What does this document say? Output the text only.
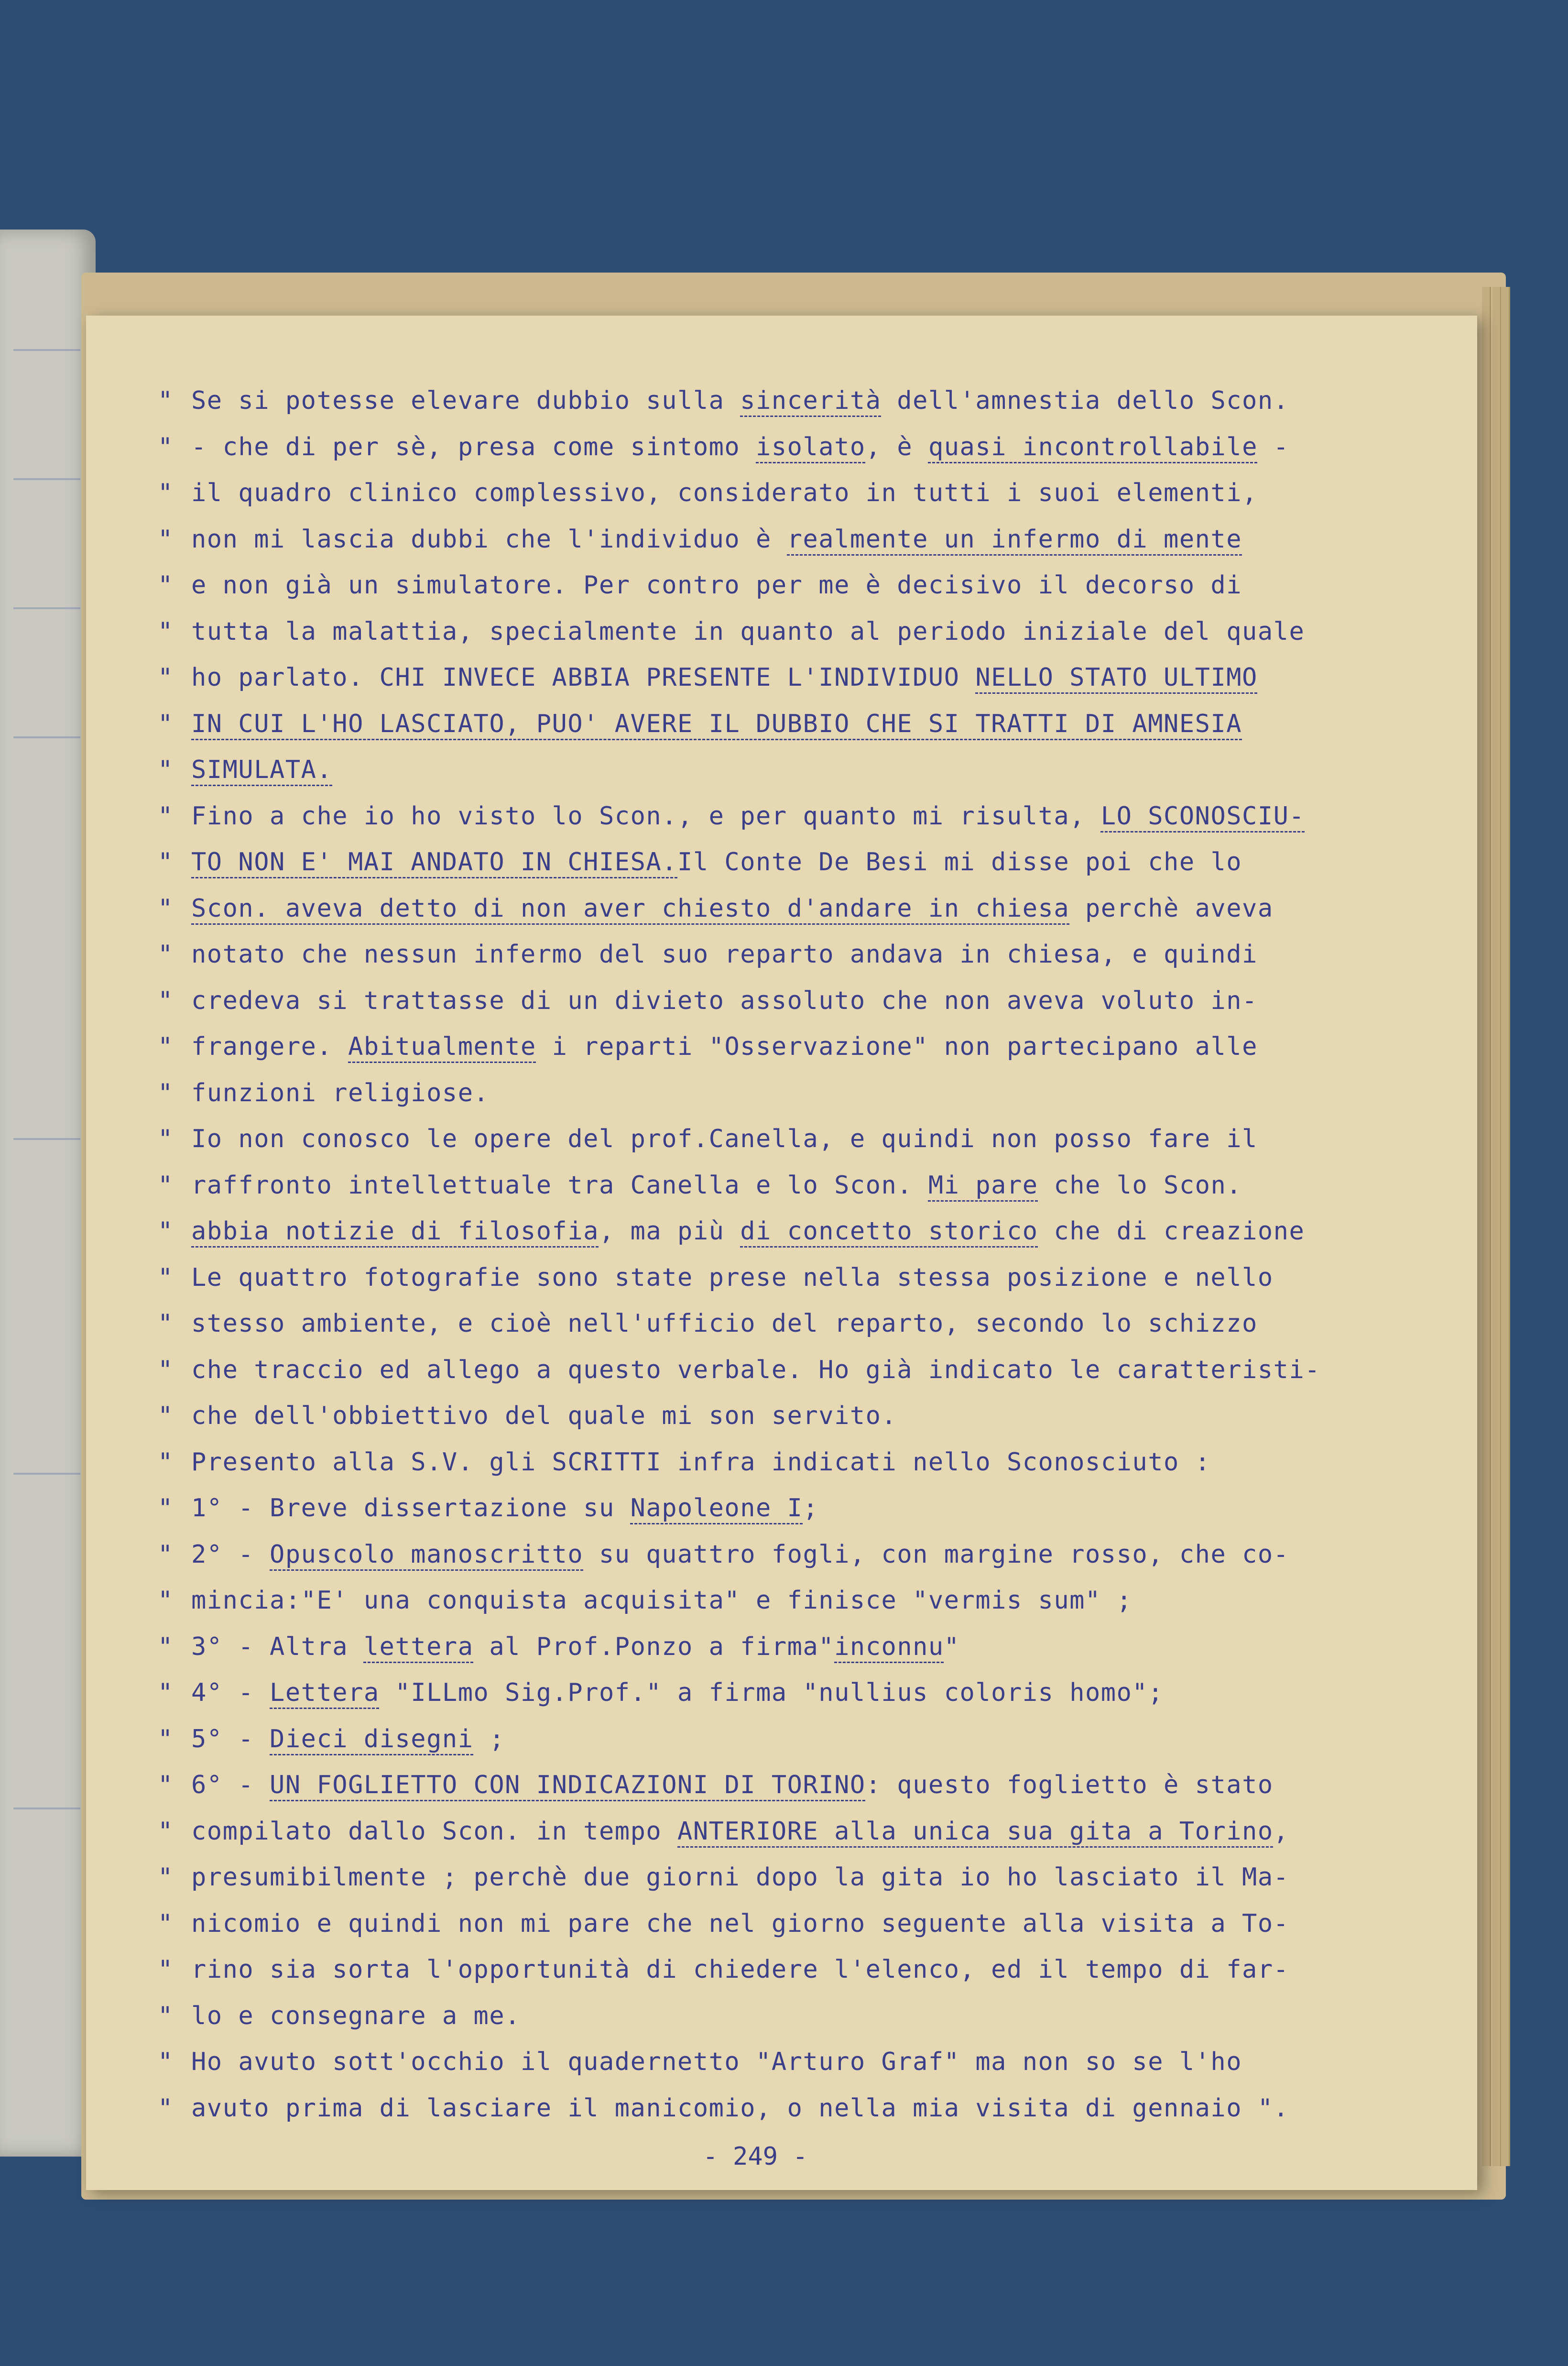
" Se si potesse elevare dubbio sulla sincerità dell'amnestia dello Scon.
" - che di per sè, presa come sintomo isolato, è quasi incontrollabile -
" il quadro clinico complessivo, considerato in tutti i suoi elementi,
" non mi lascia dubbi che l'individuo è realmente un infermo di mente
" e non già un simulatore. Per contro per me è decisivo il decorso di
" tutta la malattia, specialmente in quanto al periodo iniziale del quale
" ho parlato. CHI INVECE ABBIA PRESENTE L'INDIVIDUO NELLO STATO ULTIMO
" IN CUI L'HO LASCIATO, PUO' AVERE IL DUBBIO CHE SI TRATTI DI AMNESIA
" SIMULATA.
" Fino a che io ho visto lo Scon., e per quanto mi risulta, LO SCONOSCIU-
" TO NON E' MAI ANDATO IN CHIESA.Il Conte De Besi mi disse poi che lo
" Scon. aveva detto di non aver chiesto d'andare in chiesa perchè aveva
" notato che nessun infermo del suo reparto andava in chiesa, e quindi
" credeva si trattasse di un divieto assoluto che non aveva voluto in-
" frangere. Abitualmente i reparti "Osservazione" non partecipano alle
" funzioni religiose.
" Io non conosco le opere del prof.Canella, e quindi non posso fare il
" raffronto intellettuale tra Canella e lo Scon. Mi pare che lo Scon.
" abbia notizie di filosofia, ma più di concetto storico che di creazione
" Le quattro fotografie sono state prese nella stessa posizione e nello
" stesso ambiente, e cioè nell'ufficio del reparto, secondo lo schizzo
" che traccio ed allego a questo verbale. Ho già indicato le caratteristi-
" che dell'obbiettivo del quale mi son servito.
" Presento alla S.V. gli SCRITTI infra indicati nello Sconosciuto :
" 1° - Breve dissertazione su Napoleone I;
" 2° - Opuscolo manoscritto su quattro fogli, con margine rosso, che co-
" mincia:"E' una conquista acquisita" e finisce "vermis sum" ;
" 3° - Altra lettera al Prof.Ponzo a firma"inconnu"
" 4° - Lettera "ILLmo Sig.Prof." a firma "nullius coloris homo";
" 5° - Dieci disegni ;
" 6° - UN FOGLIETTO CON INDICAZIONI DI TORINO: questo foglietto è stato
" compilato dallo Scon. in tempo ANTERIORE alla unica sua gita a Torino,
" presumibilmente ; perchè due giorni dopo la gita io ho lasciato il Ma-
" nicomio e quindi non mi pare che nel giorno seguente alla visita a To-
" rino sia sorta l'opportunità di chiedere l'elenco, ed il tempo di far-
" lo e consegnare a me.
" Ho avuto sott'occhio il quadernetto "Arturo Graf" ma non so se l'ho
" avuto prima di lasciare il manicomio, o nella mia visita di gennaio ".
- 249 -
